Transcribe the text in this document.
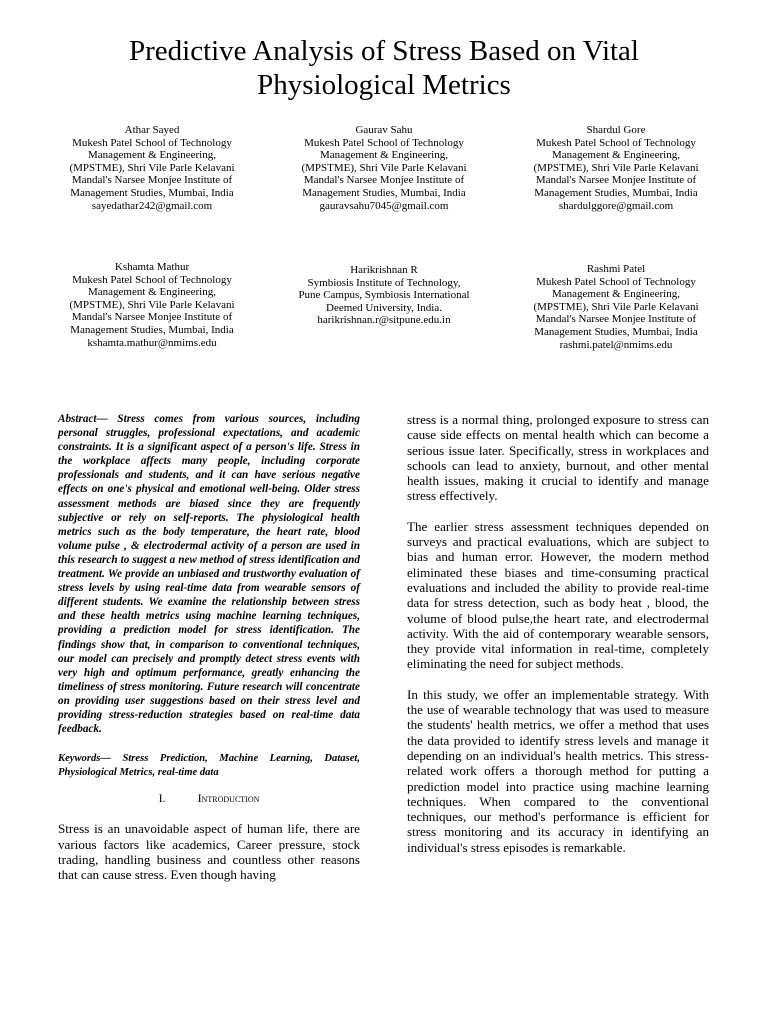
Predictive Analysis of Stress Based on Vital Physiological Metrics
Athar Sayed
Mukesh Patel School of Technology
Management & Engineering,
(MPSTME), Shri Vile Parle Kelavani
Mandal's Narsee Monjee Institute of
Management Studies, Mumbai, India
sayedathar242@gmail.com
Gaurav Sahu
Mukesh Patel School of Technology
Management & Engineering,
(MPSTME), Shri Vile Parle Kelavani
Mandal's Narsee Monjee Institute of
Management Studies, Mumbai, India
gauravsahu7045@gmail.com
Shardul Gore
Mukesh Patel School of Technology
Management & Engineering,
(MPSTME), Shri Vile Parle Kelavani
Mandal's Narsee Monjee Institute of
Management Studies, Mumbai, India
shardulggore@gmail.com
Kshamta Mathur
Mukesh Patel School of Technology
Management & Engineering,
(MPSTME), Shri Vile Parle Kelavani
Mandal's Narsee Monjee Institute of
Management Studies, Mumbai, India
kshamta.mathur@nmims.edu
Harikrishnan R
Symbiosis Institute of Technology,
Pune Campus, Symbiosis International
Deemed University, India.
harikrishnan.r@sitpune.edu.in
Rashmi Patel
Mukesh Patel School of Technology
Management & Engineering,
(MPSTME), Shri Vile Parle Kelavani
Mandal's Narsee Monjee Institute of
Management Studies, Mumbai, India
rashmi.patel@nmims.edu

Abstract— Stress comes from various sources, including personal struggles, professional expectations, and academic constraints. It is a significant aspect of a person's life. Stress in the workplace affects many people, including corporate professionals and students, and it can have serious negative effects on one's physical and emotional well-being. Older stress assessment methods are biased since they are frequently subjective or rely on self-reports. The physiological health metrics such as the body temperature, the heart rate, blood volume pulse , & electrodermal activity of a person are used in this research to suggest a new method of stress identification and treatment. We provide an unbiased and trustworthy evaluation of stress levels by using real-time data from wearable sensors of different students. We examine the relationship between stress and these health metrics using machine learning techniques, providing a prediction model for stress identification. The findings show that, in comparison to conventional techniques, our model can precisely and promptly detect stress events with very high and optimum performance, greatly enhancing the timeliness of stress monitoring. Future research will concentrate on providing user suggestions based on their stress level and providing stress-reduction strategies based on real-time data feedback.

Keywords— Stress Prediction, Machine Learning, Dataset, Physiological Metrics, real-time data

I.	Introduction

Stress is an unavoidable aspect of human life, there are various factors like academics, Career pressure, stock trading, handling business and countless other reasons that can cause stress. Even though having

stress is a normal thing, prolonged exposure to stress can cause side effects on mental health which can become a serious issue later. Specifically, stress in workplaces and schools can lead to anxiety, burnout, and other mental health issues, making it crucial to identify and manage stress effectively.

The earlier stress assessment techniques depended on surveys and practical evaluations, which are subject to bias and human error. However, the modern method eliminated these biases and time-consuming practical evaluations and included the ability to provide real-time data for stress detection, such as body heat , blood, the volume of blood pulse,the heart rate, and electrodermal activity. With the aid of contemporary wearable sensors, they provide vital information in real-time, completely eliminating the need for subject methods.

In this study, we offer an implementable strategy. With the use of wearable technology that was used to measure the students' health metrics, we offer a method that uses the data provided to identify stress levels and manage it depending on an individual's health metrics. This stress-related work offers a thorough method for putting a prediction model into practice using machine learning techniques. When compared to the conventional techniques, our method's performance is efficient for stress monitoring and its accuracy in identifying an individual's stress episodes is remarkable.
